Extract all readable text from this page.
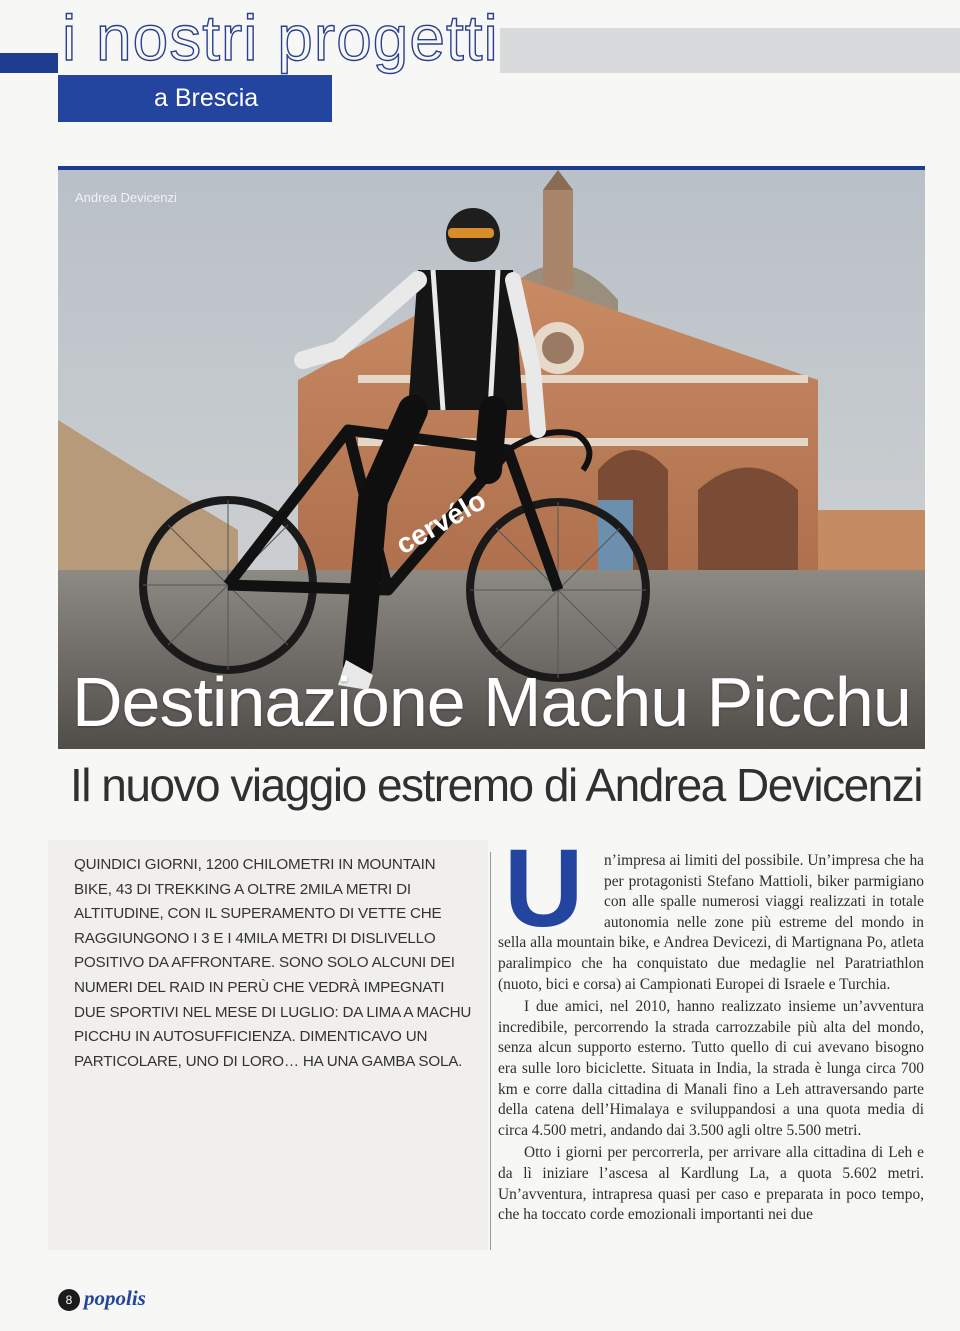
i nostri progetti
a Brescia
cervélo
Andrea Devicenzi
Destinazione Machu Picchu
Il nuovo viaggio estremo di Andrea Devicenzi
QUINDICI GIORNI, 1200 CHILOMETRI IN MOUNTAIN BIKE, 43 DI TREKKING A OLTRE 2MILA METRI DI ALTITUDINE, CON IL SUPERAMENTO DI VETTE CHE RAGGIUNGONO I 3 E I 4MILA METRI DI DISLIVELLO POSITIVO DA AFFRONTARE. SONO SOLO ALCUNI DEI NUMERI DEL RAID IN PERÙ CHE VEDRÀ IMPEGNATI DUE SPORTIVI NEL MESE DI LUGLIO: DA LIMA A MACHU PICCHU IN AUTOSUFFICIENZA. DIMENTICAVO UN PARTICOLARE, UNO DI LORO… HA UNA GAMBA SOLA.

U	n’impresa ai limiti del possibile. Un’impresa che ha per protagonisti Stefano Mattioli, biker parmigiano con alle spalle numerosi viaggi realizzati in totale autonomia nelle zone più estreme del mondo in sella alla mountain bike, e Andrea Devicezi, di Martignana Po, atleta paralimpico che ha conquistato due medaglie nel Paratriathlon (nuoto, bici e corsa) ai Campionati Europei di Israele e Turchia.

I due amici, nel 2010, hanno realizzato insieme un’avventura incredibile, percorrendo la strada carrozzabile più alta del mondo, senza alcun supporto esterno. Tutto quello di cui avevano bisogno era sulle loro biciclette. Situata in India, la strada è lunga circa 700 km e corre dalla cittadina di Manali fino a Leh attraversando parte della catena dell’Himalaya e sviluppandosi a una quota media di circa 4.500 metri, andando dai 3.500 agli oltre 5.500 metri.

Otto i giorni per percorrerla, per arrivare alla cittadina di Leh e da lì iniziare l’ascesa al Kardlung La, a quota 5.602 metri. Un’avventura, intrapresa quasi per caso e preparata in poco tempo, che ha toccato corde emozionali importanti nei due

8 popolis
